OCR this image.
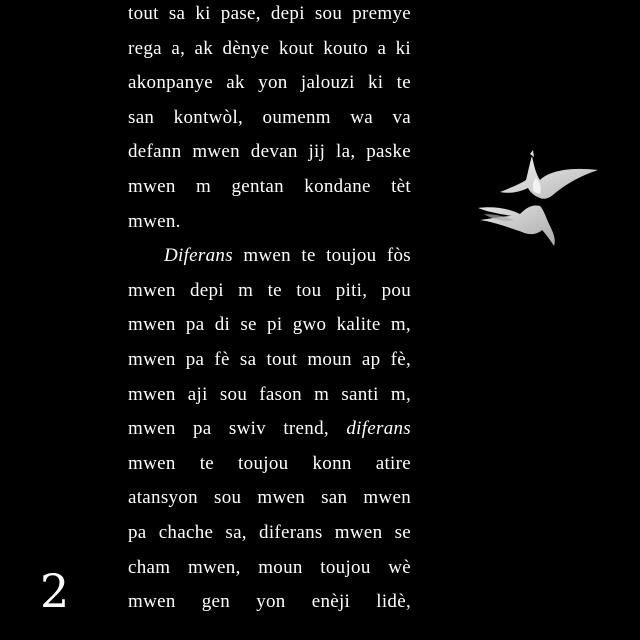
tout sa ki pase, depi sou premye
rega a, ak dènye kout kouto a ki
akonpanye ak yon jalouzi ki te
san kontwòl, oumenm wa va
defann mwen devan jij la, paske
mwen m gentan kondane tèt
mwen.
Diferans mwen te toujou fòs
mwen depi m te tou piti, pou
mwen pa di se pi gwo kalite m,
mwen pa fè sa tout moun ap fè,
mwen aji sou fason m santi m,
mwen pa swiv trend, diferans
mwen te toujou konn atire
atansyon sou mwen san mwen
pa chache sa, diferans mwen se
cham mwen, moun toujou wè
mwen gen yon enèji lidè,
2
